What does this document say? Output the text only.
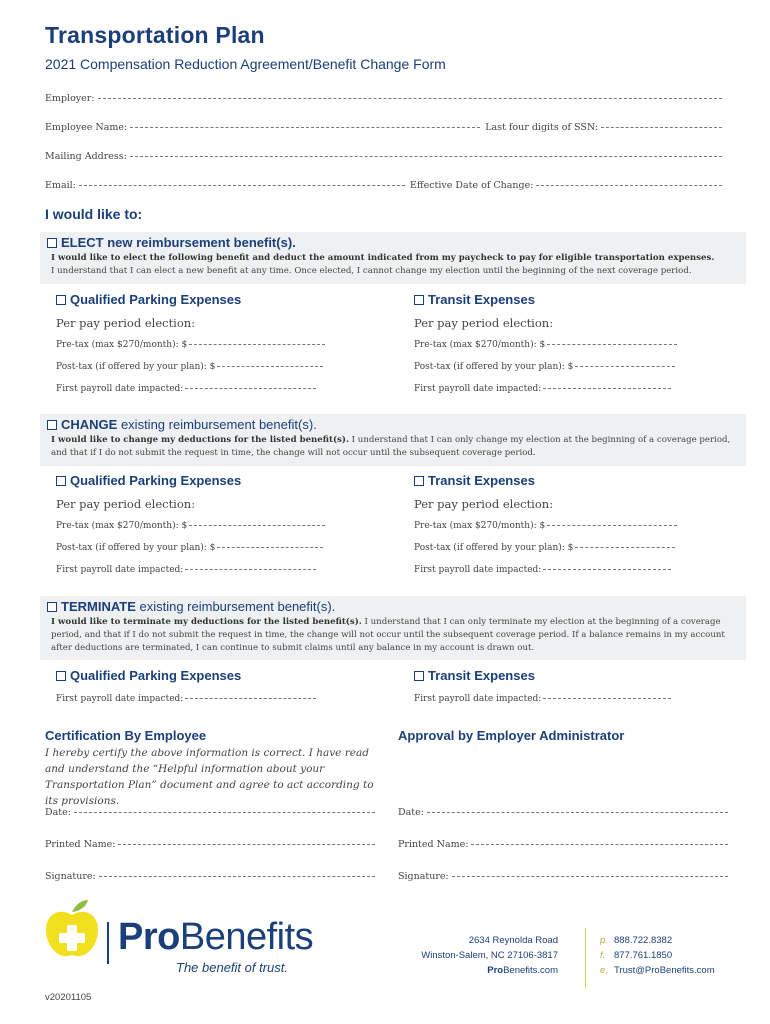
Transportation Plan
2021 Compensation Reduction Agreement/Benefit Change Form
Employer:
Employee Name:	Last four digits of SSN:
Mailing Address:
Email:	Effective Date of Change:
I would like to:
ELECT new reimbursement benefit(s).
I would like to elect the following benefit and deduct the amount indicated from my paycheck to pay for eligible transportation expenses.
I understand that I can elect a new benefit at any time. Once elected, I cannot change my election until the beginning of the next coverage period.
Qualified Parking Expenses
Per pay period election:
Pre-tax (max $270/month): $
Post-tax (if offered by your plan): $
First payroll date impacted:
Transit Expenses
Per pay period election:
Pre-tax (max $270/month): $
Post-tax (if offered by your plan): $
First payroll date impacted:
CHANGE existing reimbursement benefit(s).
I would like to change my deductions for the listed benefit(s). I understand that I can only change my election at the beginning of a coverage period, and that if I do not submit the request in time, the change will not occur until the subsequent coverage period.
Qualified Parking Expenses
Per pay period election:
Pre-tax (max $270/month): $
Post-tax (if offered by your plan): $
First payroll date impacted:
Transit Expenses
Per pay period election:
Pre-tax (max $270/month): $
Post-tax (if offered by your plan): $
First payroll date impacted:
TERMINATE existing reimbursement benefit(s).
I would like to terminate my deductions for the listed benefit(s). I understand that I can only terminate my election at the beginning of a coverage period, and that if I do not submit the request in time, the change will not occur until the subsequent coverage period. If a balance remains in my account after deductions are terminated, I can continue to submit claims until any balance in my account is drawn out.
Qualified Parking Expenses
First payroll date impacted:
Transit Expenses
First payroll date impacted:
Certification By Employee
I hereby certify the above information is correct. I have read and understand the “Helpful information about your Transportation Plan” document and agree to act according to its provisions.
Approval by Employer Administrator
Date:
Printed Name:
Signature:
Date:
Printed Name:
Signature:
ProBenefits
The benefit of trust.
2634 Reynolda Road
Winston-Salem, NC 27106-3817
ProBenefits.com
p. 888.722.8382
f. 877.761.1850
e. Trust@ProBenefits.com
v20201105
